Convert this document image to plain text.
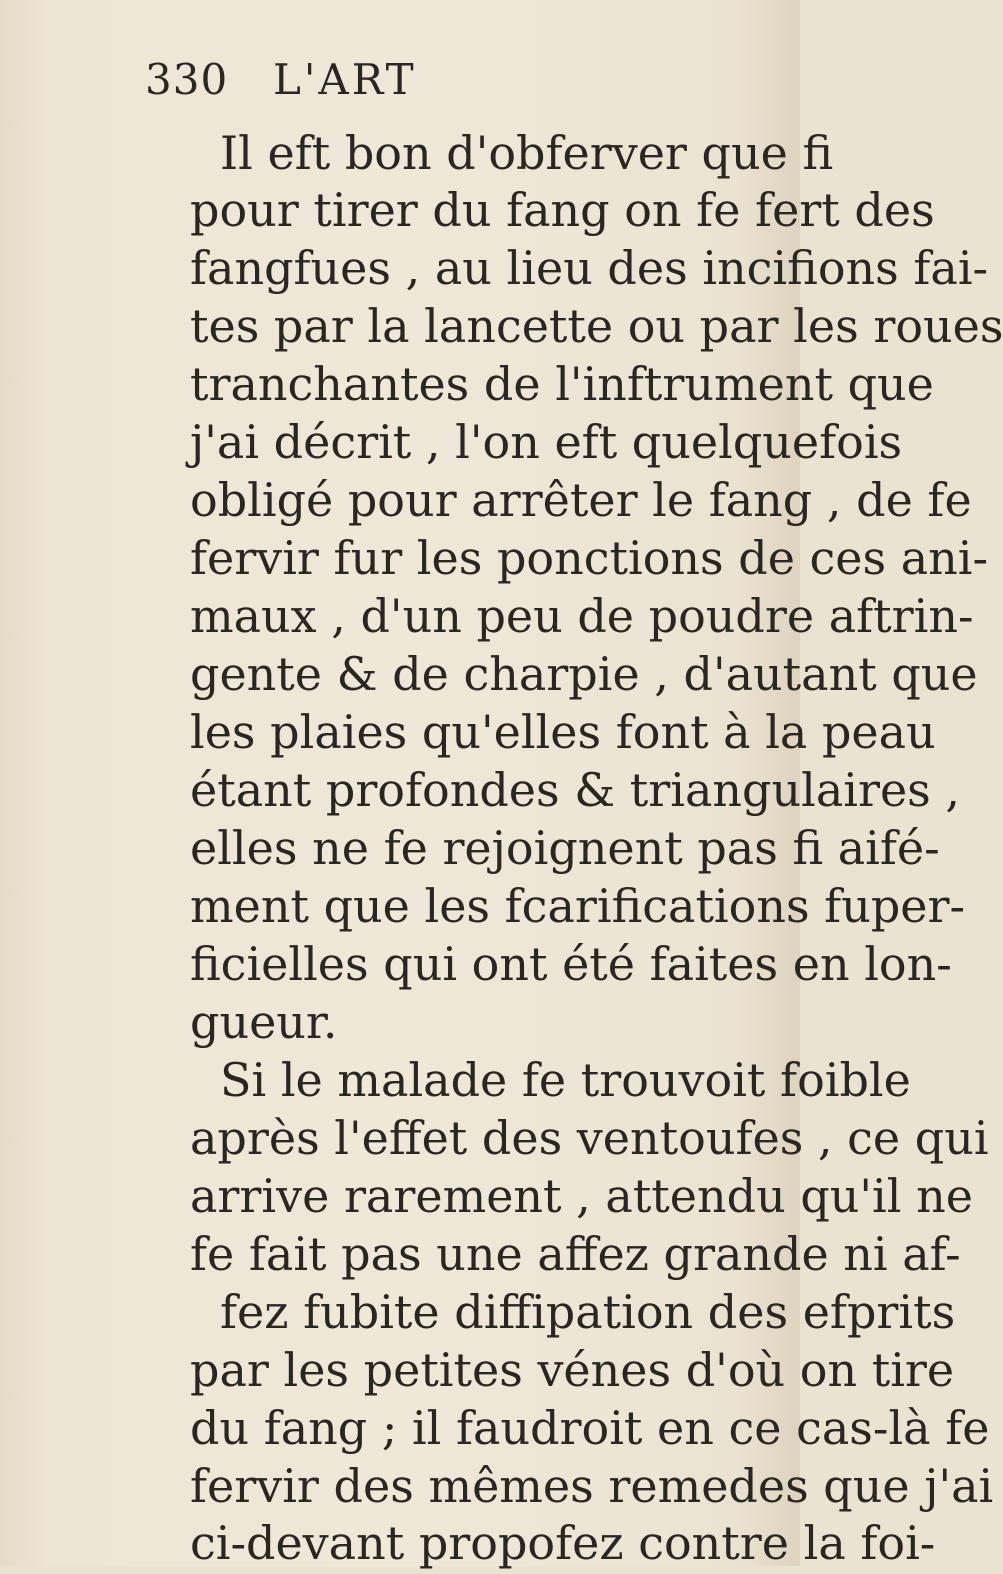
330 L'ART
Il eft bon d'obferver que fi
pour tirer du fang on fe fert des
fangfues , au lieu des incifions fai-
tes par la lancette ou par les roues
tranchantes de l'inftrument que
j'ai décrit , l'on eft quelquefois
obligé pour arrêter le fang , de fe
fervir fur les ponctions de ces ani-
maux , d'un peu de poudre aftrin-
gente & de charpie , d'autant que
les plaies qu'elles font à la peau
étant profondes & triangulaires ,
elles ne fe rejoignent pas fi aifé-
ment que les fcarifications fuper-
ficielles qui ont été faites en lon-
gueur.
Si le malade fe trouvoit foible
après l'effet des ventoufes , ce qui
arrive rarement , attendu qu'il ne
fe fait pas une affez grande ni af-
fez fubite diffipation des efprits
par les petites vénes d'où on tire
du fang ; il faudroit en ce cas-là fe
fervir des mêmes remedes que j'ai
ci-devant propofez contre la foi-
